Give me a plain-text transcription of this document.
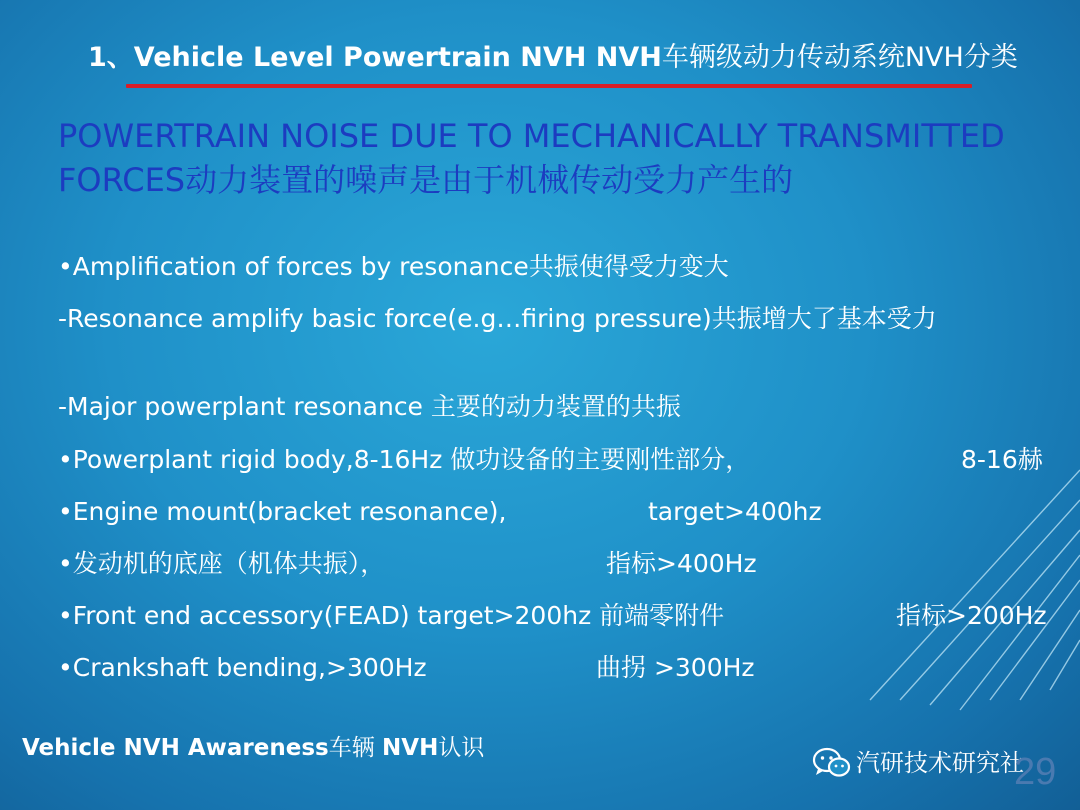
1、Vehicle Level Powertrain NVH NVH车辆级动力传动系统NVH分类
POWERTRAIN NOISE DUE TO MECHANICALLY TRANSMITTED FORCES动力装置的噪声是由于机械传动受力产生的
•Amplification of forces by resonance共振使得受力变大
-Resonance amplify basic force(e.g…firing pressure)共振增大了基本受力
-Major powerplant resonance 主要的动力装置的共振
•Powerplant rigid body,8-16Hz 做功设备的主要刚性部分，	8-16赫
•Engine mount(bracket resonance),	target>400hz
•发动机的底座（机体共振），	指标>400Hz
•Front end accessory(FEAD) target>200hz 前端零附件	指标>200Hz
•Crankshaft bending,>300Hz	曲拐 >300Hz
Vehicle NVH Awareness车辆 NVH认识
汽研技术研究社
29
